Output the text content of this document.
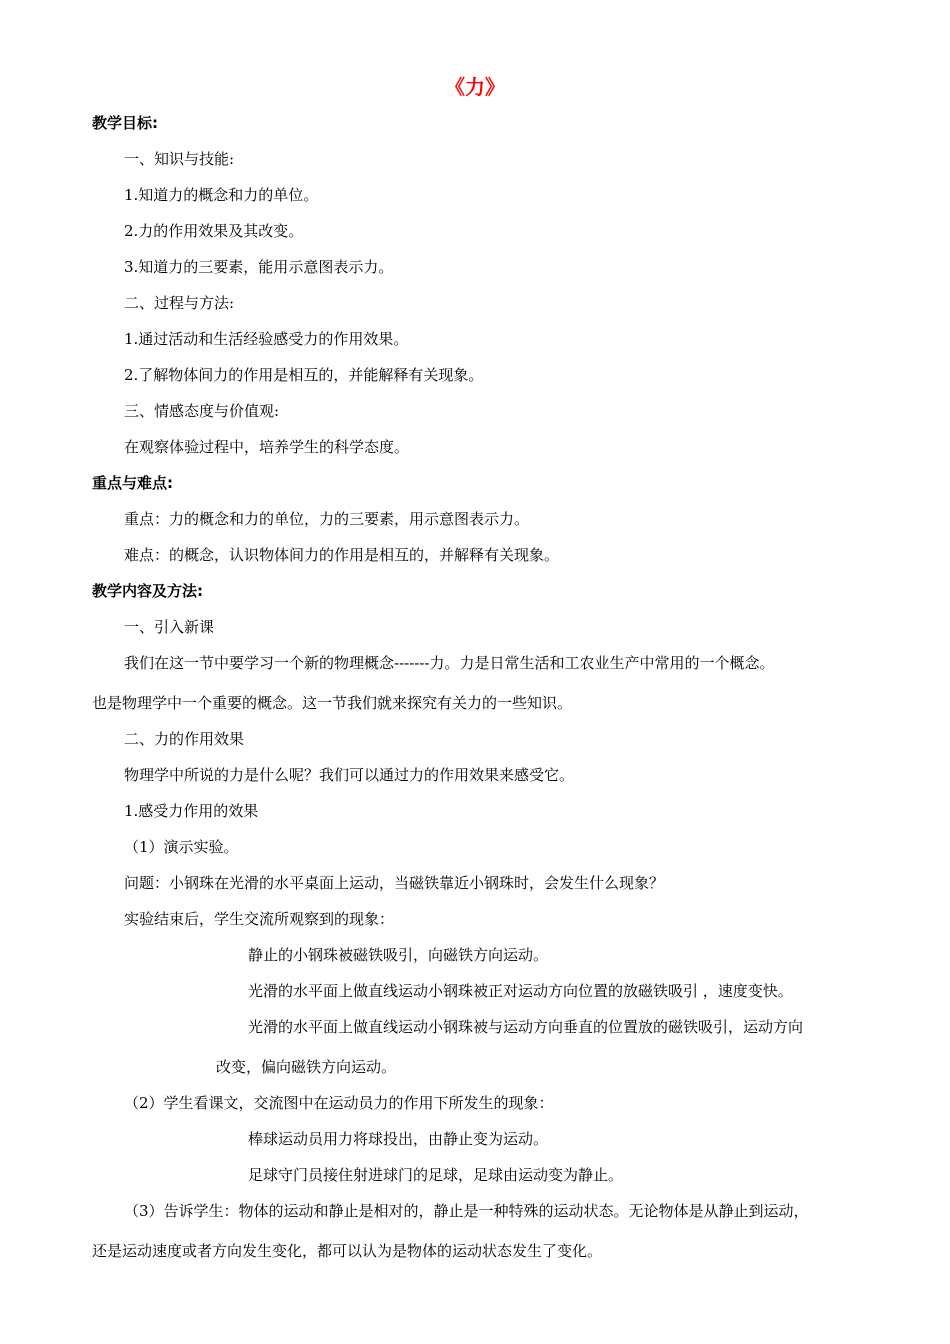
《力》
教学目标:
一、知识与技能:
1.知道力的概念和力的单位。
2.力的作用效果及其改变。
3.知道力的三要素，能用示意图表示力。
二、过程与方法:
1.通过活动和生活经验感受力的作用效果。
2.了解物体间力的作用是相互的，并能解释有关现象。
三、情感态度与价值观:
在观察体验过程中，培养学生的科学态度。
重点与难点:
重点：力的概念和力的单位，力的三要素，用示意图表示力。
难点：的概念，认识物体间力的作用是相互的，并解释有关现象。
教学内容及方法:
一、引入新课
我们在这一节中要学习一个新的物理概念-------力。力是日常生活和工农业生产中常用的一个概念。
也是物理学中一个重要的概念。这一节我们就来探究有关力的一些知识。
二、力的作用效果
物理学中所说的力是什么呢？我们可以通过力的作用效果来感受它。
1.感受力作用的效果
（1）演示实验。
问题：小钢珠在光滑的水平桌面上运动，当磁铁靠近小钢珠时，会发生什么现象？
实验结束后，学生交流所观察到的现象：
静止的小钢珠被磁铁吸引，向磁铁方向运动。
光滑的水平面上做直线运动小钢珠被正对运动方向位置的放磁铁吸引 ，速度变快。
光滑的水平面上做直线运动小钢珠被与运动方向垂直的位置放的磁铁吸引，运动方向
改变，偏向磁铁方向运动。
（2）学生看课文，交流图中在运动员力的作用下所发生的现象：
棒球运动员用力将球投出，由静止变为运动。
足球守门员接住射进球门的足球，足球由运动变为静止。
（3）告诉学生：物体的运动和静止是相对的，静止是一种特殊的运动状态。无论物体是从静止到运动，
还是运动速度或者方向发生变化，都可以认为是物体的运动状态发生了变化。
